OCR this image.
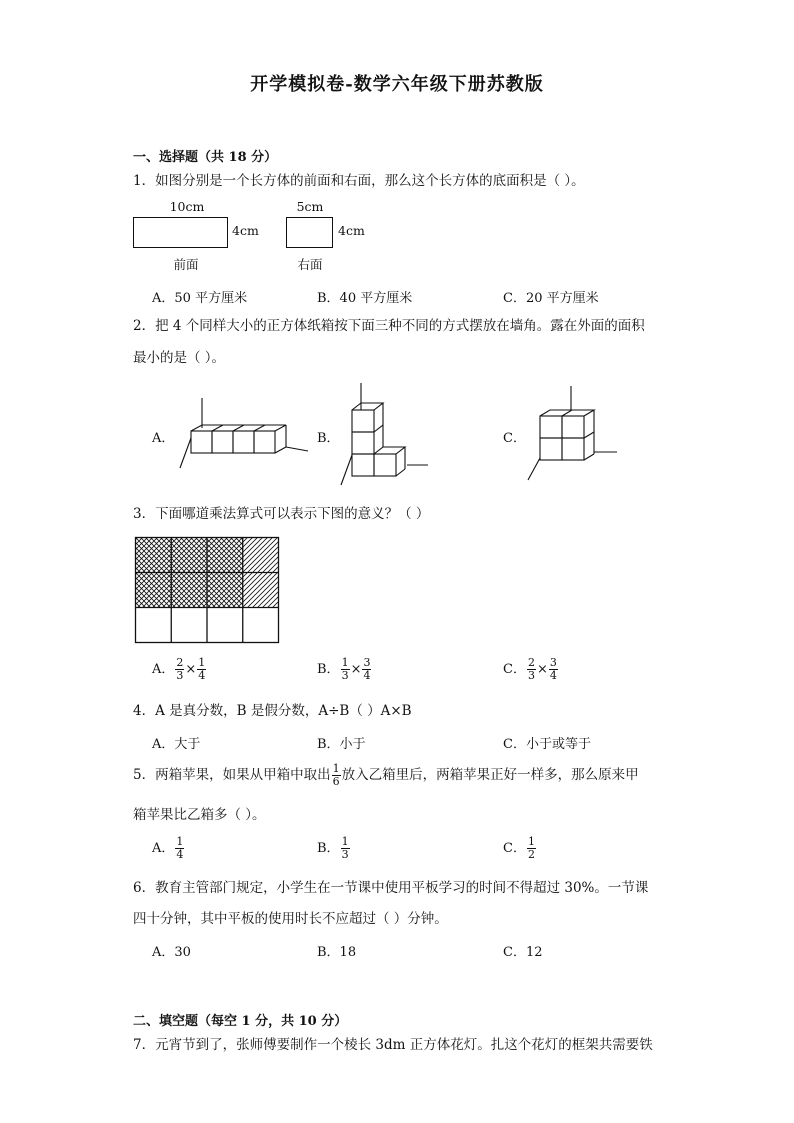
开学模拟卷-数学六年级下册苏教版
一、选择题（共 18 分）
1．如图分别是一个长方体的前面和右面，那么这个长方体的底面积是（ ）。
10cm
4cm
前面
5cm
4cm
右面
A．50 平方厘米	B．40 平方厘米	C．20 平方厘米
2．把 4 个同样大小的正方体纸箱按下面三种不同的方式摆放在墙角。露在外面的面积
最小的是（ ）。
A．	B．	C．
3．下面哪道乘法算式可以表示下图的意义？（ ）
A． $\frac{2}{3} \times \frac{1}{4}$	B． $\frac{1}{3} \times \frac{3}{4}$	C． $\frac{2}{3} \times \frac{3}{4}$
4．A 是真分数，B 是假分数，A÷B（ ）A×B
A．大于	B．小于	C．小于或等于
5．两箱苹果，如果从甲箱中取出 $\frac{1}{6}$ 放入乙箱里后，两箱苹果正好一样多，那么原来甲
箱苹果比乙箱多（ ）。
A． $\frac{1}{4}$	B． $\frac{1}{3}$	C． $\frac{1}{2}$
6．教育主管部门规定，小学生在一节课中使用平板学习的时间不得超过 30%。一节课
四十分钟，其中平板的使用时长不应超过（ ）分钟。
A．30	B．18	C．12
二、填空题（每空 1 分，共 10 分）
7．元宵节到了，张师傅要制作一个棱长 3dm 正方体花灯。扎这个花灯的框架共需要铁
